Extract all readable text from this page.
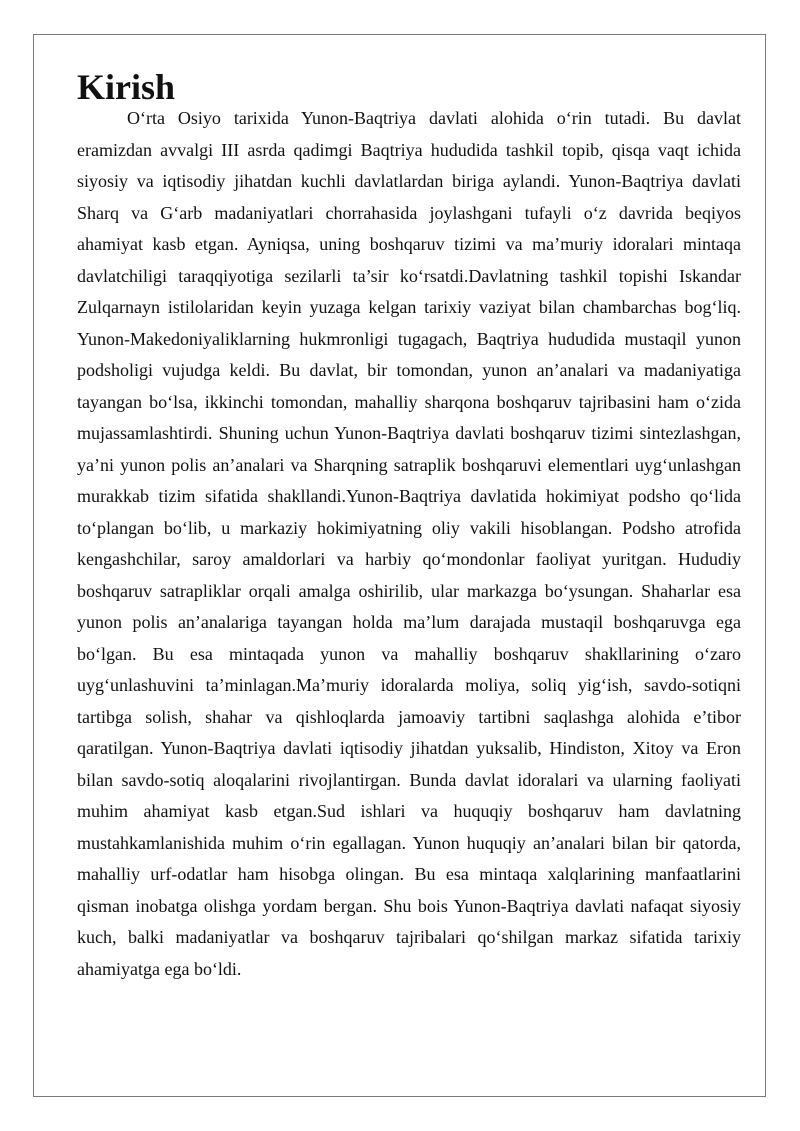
Kirish

O‘rta Osiyo tarixida Yunon-Baqtriya davlati alohida o‘rin tutadi. Bu davlat eramizdan avvalgi III asrda qadimgi Baqtriya hududida tashkil topib, qisqa vaqt ichida siyosiy va iqtisodiy jihatdan kuchli davlatlardan biriga aylandi. Yunon-Baqtriya davlati Sharq va G‘arb madaniyatlari chorrahasida joylashgani tufayli o‘z davrida beqiyos ahamiyat kasb etgan. Ayniqsa, uning boshqaruv tizimi va ma’muriy idoralari mintaqa davlatchiligi taraqqiyotiga sezilarli ta’sir ko‘rsatdi.Davlatning tashkil topishi Iskandar Zulqarnayn istilolaridan keyin yuzaga kelgan tarixiy vaziyat bilan chambarchas bog‘liq. Yunon-Makedoniyaliklarning hukmronligi tugagach, Baqtriya hududida mustaqil yunon podsholigi vujudga keldi. Bu davlat, bir tomondan, yunon an’analari va madaniyatiga tayangan bo‘lsa, ikkinchi tomondan, mahalliy sharqona boshqaruv tajribasini ham o‘zida mujassamlashtirdi. Shuning uchun Yunon-Baqtriya davlati boshqaruv tizimi sintezlashgan, ya’ni yunon polis an’analari va Sharqning satraplik boshqaruvi elementlari uyg‘unlashgan murakkab tizim sifatida shakllandi.Yunon-Baqtriya davlatida hokimiyat podsho qo‘lida to‘plangan bo‘lib, u markaziy hokimiyatning oliy vakili hisoblangan. Podsho atrofida kengashchilar, saroy amaldorlari va harbiy qo‘mondonlar faoliyat yuritgan. Hududiy boshqaruv satrapliklar orqali amalga oshirilib, ular markazga bo‘ysungan. Shaharlar esa yunon polis an’analariga tayangan holda ma’lum darajada mustaqil boshqaruvga ega bo‘lgan. Bu esa mintaqada yunon va mahalliy boshqaruv shakllarining o‘zaro uyg‘unlashuvini ta’minlagan.Ma’muriy idoralarda moliya, soliq yig‘ish, savdo-sotiqni tartibga solish, shahar va qishloqlarda jamoaviy tartibni saqlashga alohida e’tibor qaratilgan. Yunon-Baqtriya davlati iqtisodiy jihatdan yuksalib, Hindiston, Xitoy va Eron bilan savdo-sotiq aloqalarini rivojlantirgan. Bunda davlat idoralari va ularning faoliyati muhim ahamiyat kasb etgan.Sud ishlari va huquqiy boshqaruv ham davlatning mustahkamlanishida muhim o‘rin egallagan. Yunon huquqiy an’analari bilan bir qatorda, mahalliy urf-odatlar ham hisobga olingan. Bu esa mintaqa xalqlarining manfaatlarini qisman inobatga olishga yordam bergan. Shu bois Yunon-Baqtriya davlati nafaqat siyosiy kuch, balki madaniyatlar va boshqaruv tajribalari qo‘shilgan markaz sifatida tarixiy ahamiyatga ega bo‘ldi.
